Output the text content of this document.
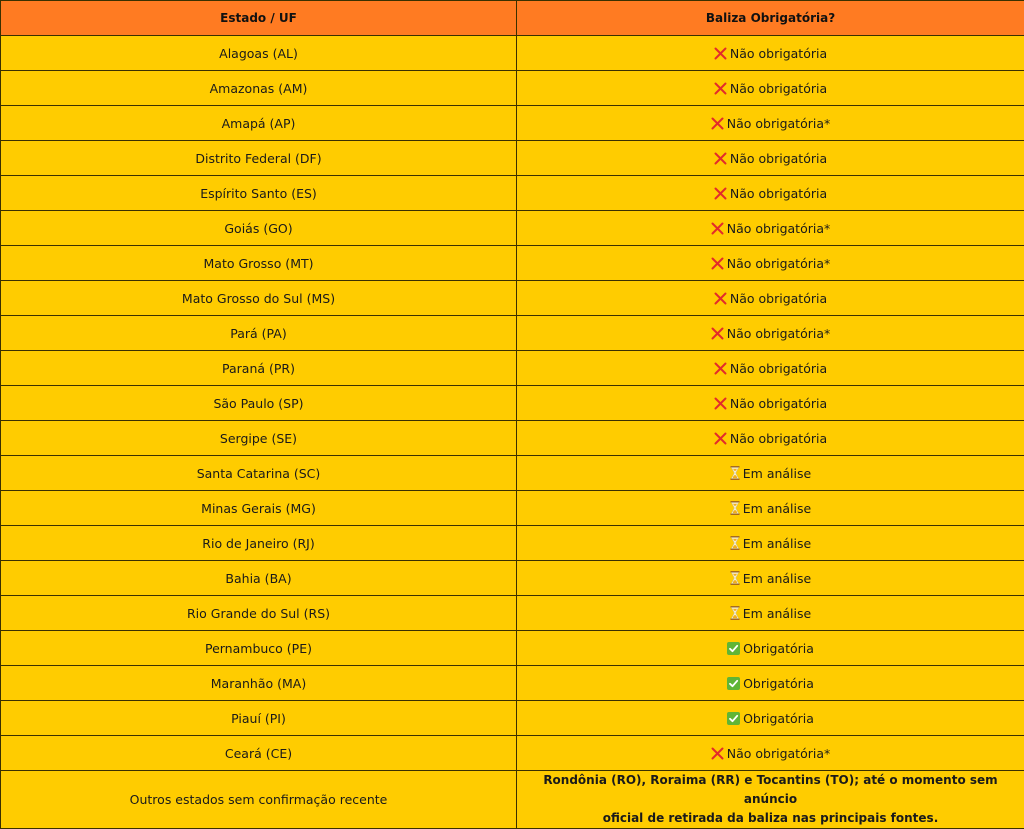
Estado / UF	Baliza Obrigatória?
Alagoas (AL)	Não obrigatória
Amazonas (AM)	Não obrigatória
Amapá (AP)	Não obrigatória*
Distrito Federal (DF)	Não obrigatória
Espírito Santo (ES)	Não obrigatória
Goiás (GO)	Não obrigatória*
Mato Grosso (MT)	Não obrigatória*
Mato Grosso do Sul (MS)	Não obrigatória
Pará (PA)	Não obrigatória*
Paraná (PR)	Não obrigatória
São Paulo (SP)	Não obrigatória
Sergipe (SE)	Não obrigatória
Santa Catarina (SC)	Em análise
Minas Gerais (MG)	Em análise
Rio de Janeiro (RJ)	Em análise
Bahia (BA)	Em análise
Rio Grande do Sul (RS)	Em análise
Pernambuco (PE)	Obrigatória
Maranhão (MA)	Obrigatória
Piauí (PI)	Obrigatória
Ceará (CE)	Não obrigatória*
Outros estados sem confirmação recente	Rondônia (RO), Roraima (RR) e Tocantins (TO); até o momento sem anúncio
oficial de retirada da baliza nas principais fontes.
